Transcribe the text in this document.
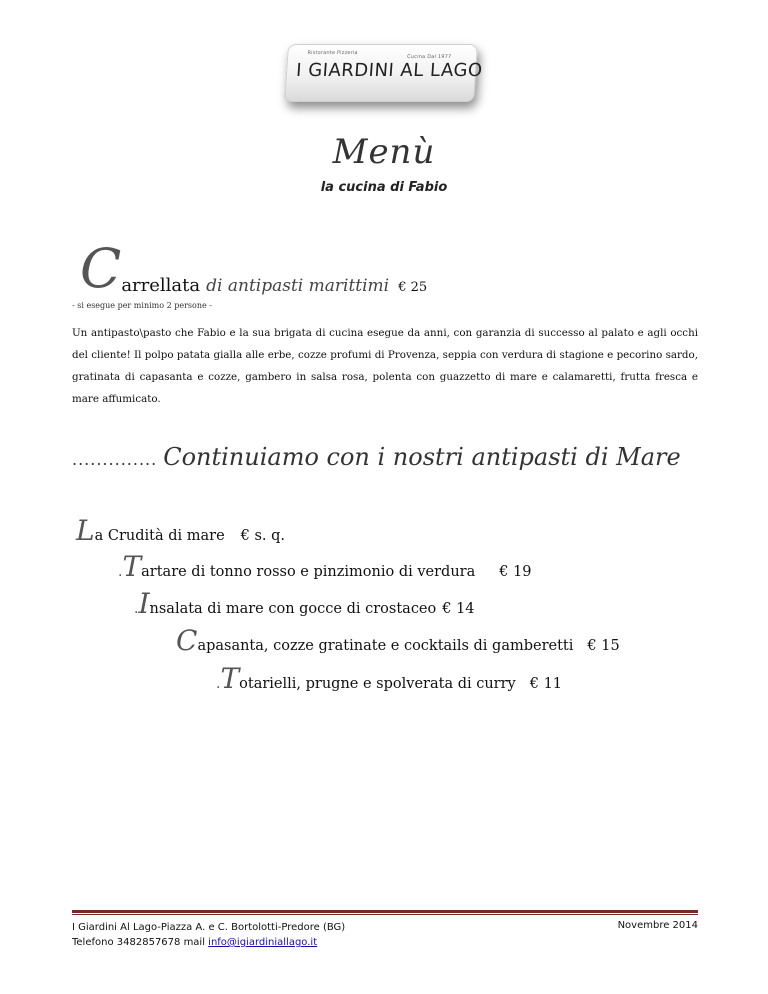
Ristorante Pizzeria
Cucina Dal 1977
I GIARDINI AL LAGO
Menù
la cucina di Fabio
Carrellata di antipasti marittimi € 25
- si esegue per minimo 2 persone -
Un antipasto\pasto che Fabio e la sua brigata di cucina esegue da anni, con garanzia di successo al palato e agli occhi del cliente! Il polpo patata gialla alle erbe, cozze profumi di Provenza, seppia con verdura di stagione e pecorino sardo, gratinata di capasanta e cozze, gambero in salsa rosa, polenta con guazzetto di mare e calamaretti, frutta fresca e mare affumicato.
.............. Continuiamo con i nostri antipasti di Mare
La Crudità di mare € s. q.
.Tartare di tonno rosso e pinzimonio di verdura € 19
.Insalata di mare con gocce di crostaceo € 14
Capasanta, cozze gratinate e cocktails di gamberetti € 15
.Totarielli, prugne e spolverata di curry € 11
I Giardini Al Lago-Piazza A. e C. Bortolotti-Predore (BG)
Telefono 3482857678 mail info@igiardiniallago.it
Novembre 2014
